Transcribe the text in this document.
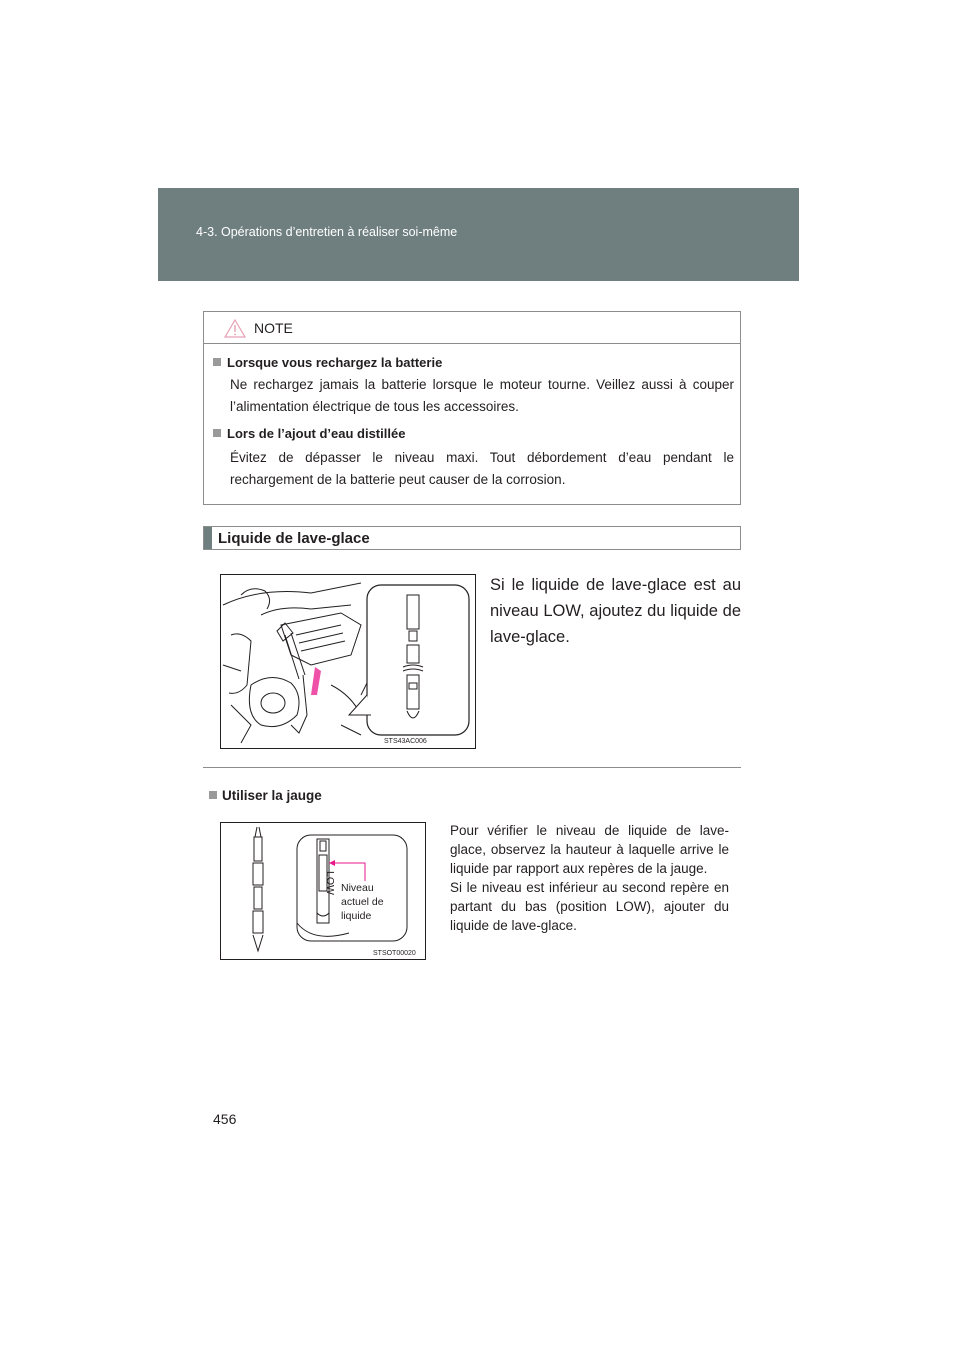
4-3. Opérations d’entretien à réaliser soi-même
NOTE
Lorsque vous rechargez la batterie
Ne rechargez jamais la batterie lorsque le moteur tourne. Veillez aussi à couper l’alimentation électrique de tous les accessoires.
Lors de l’ajout d’eau distillée
Évitez de dépasser le niveau maxi. Tout débordement d’eau pendant le rechargement de la batterie peut causer de la corrosion.
Liquide de lave-glace
STS43AC006
Si le liquide de lave-glace est au niveau LOW, ajoutez du liquide de lave-glace.
Utiliser la jauge
LOW Niveau actuel de liquide
STSOT00020

Pour vérifier le niveau de liquide de lave-glace, observez la hauteur à laquelle arrive le liquide par rapport aux repères de la jauge.

Si le niveau est inférieur au second repère en partant du bas (position LOW), ajouter du liquide de lave-glace.

456
